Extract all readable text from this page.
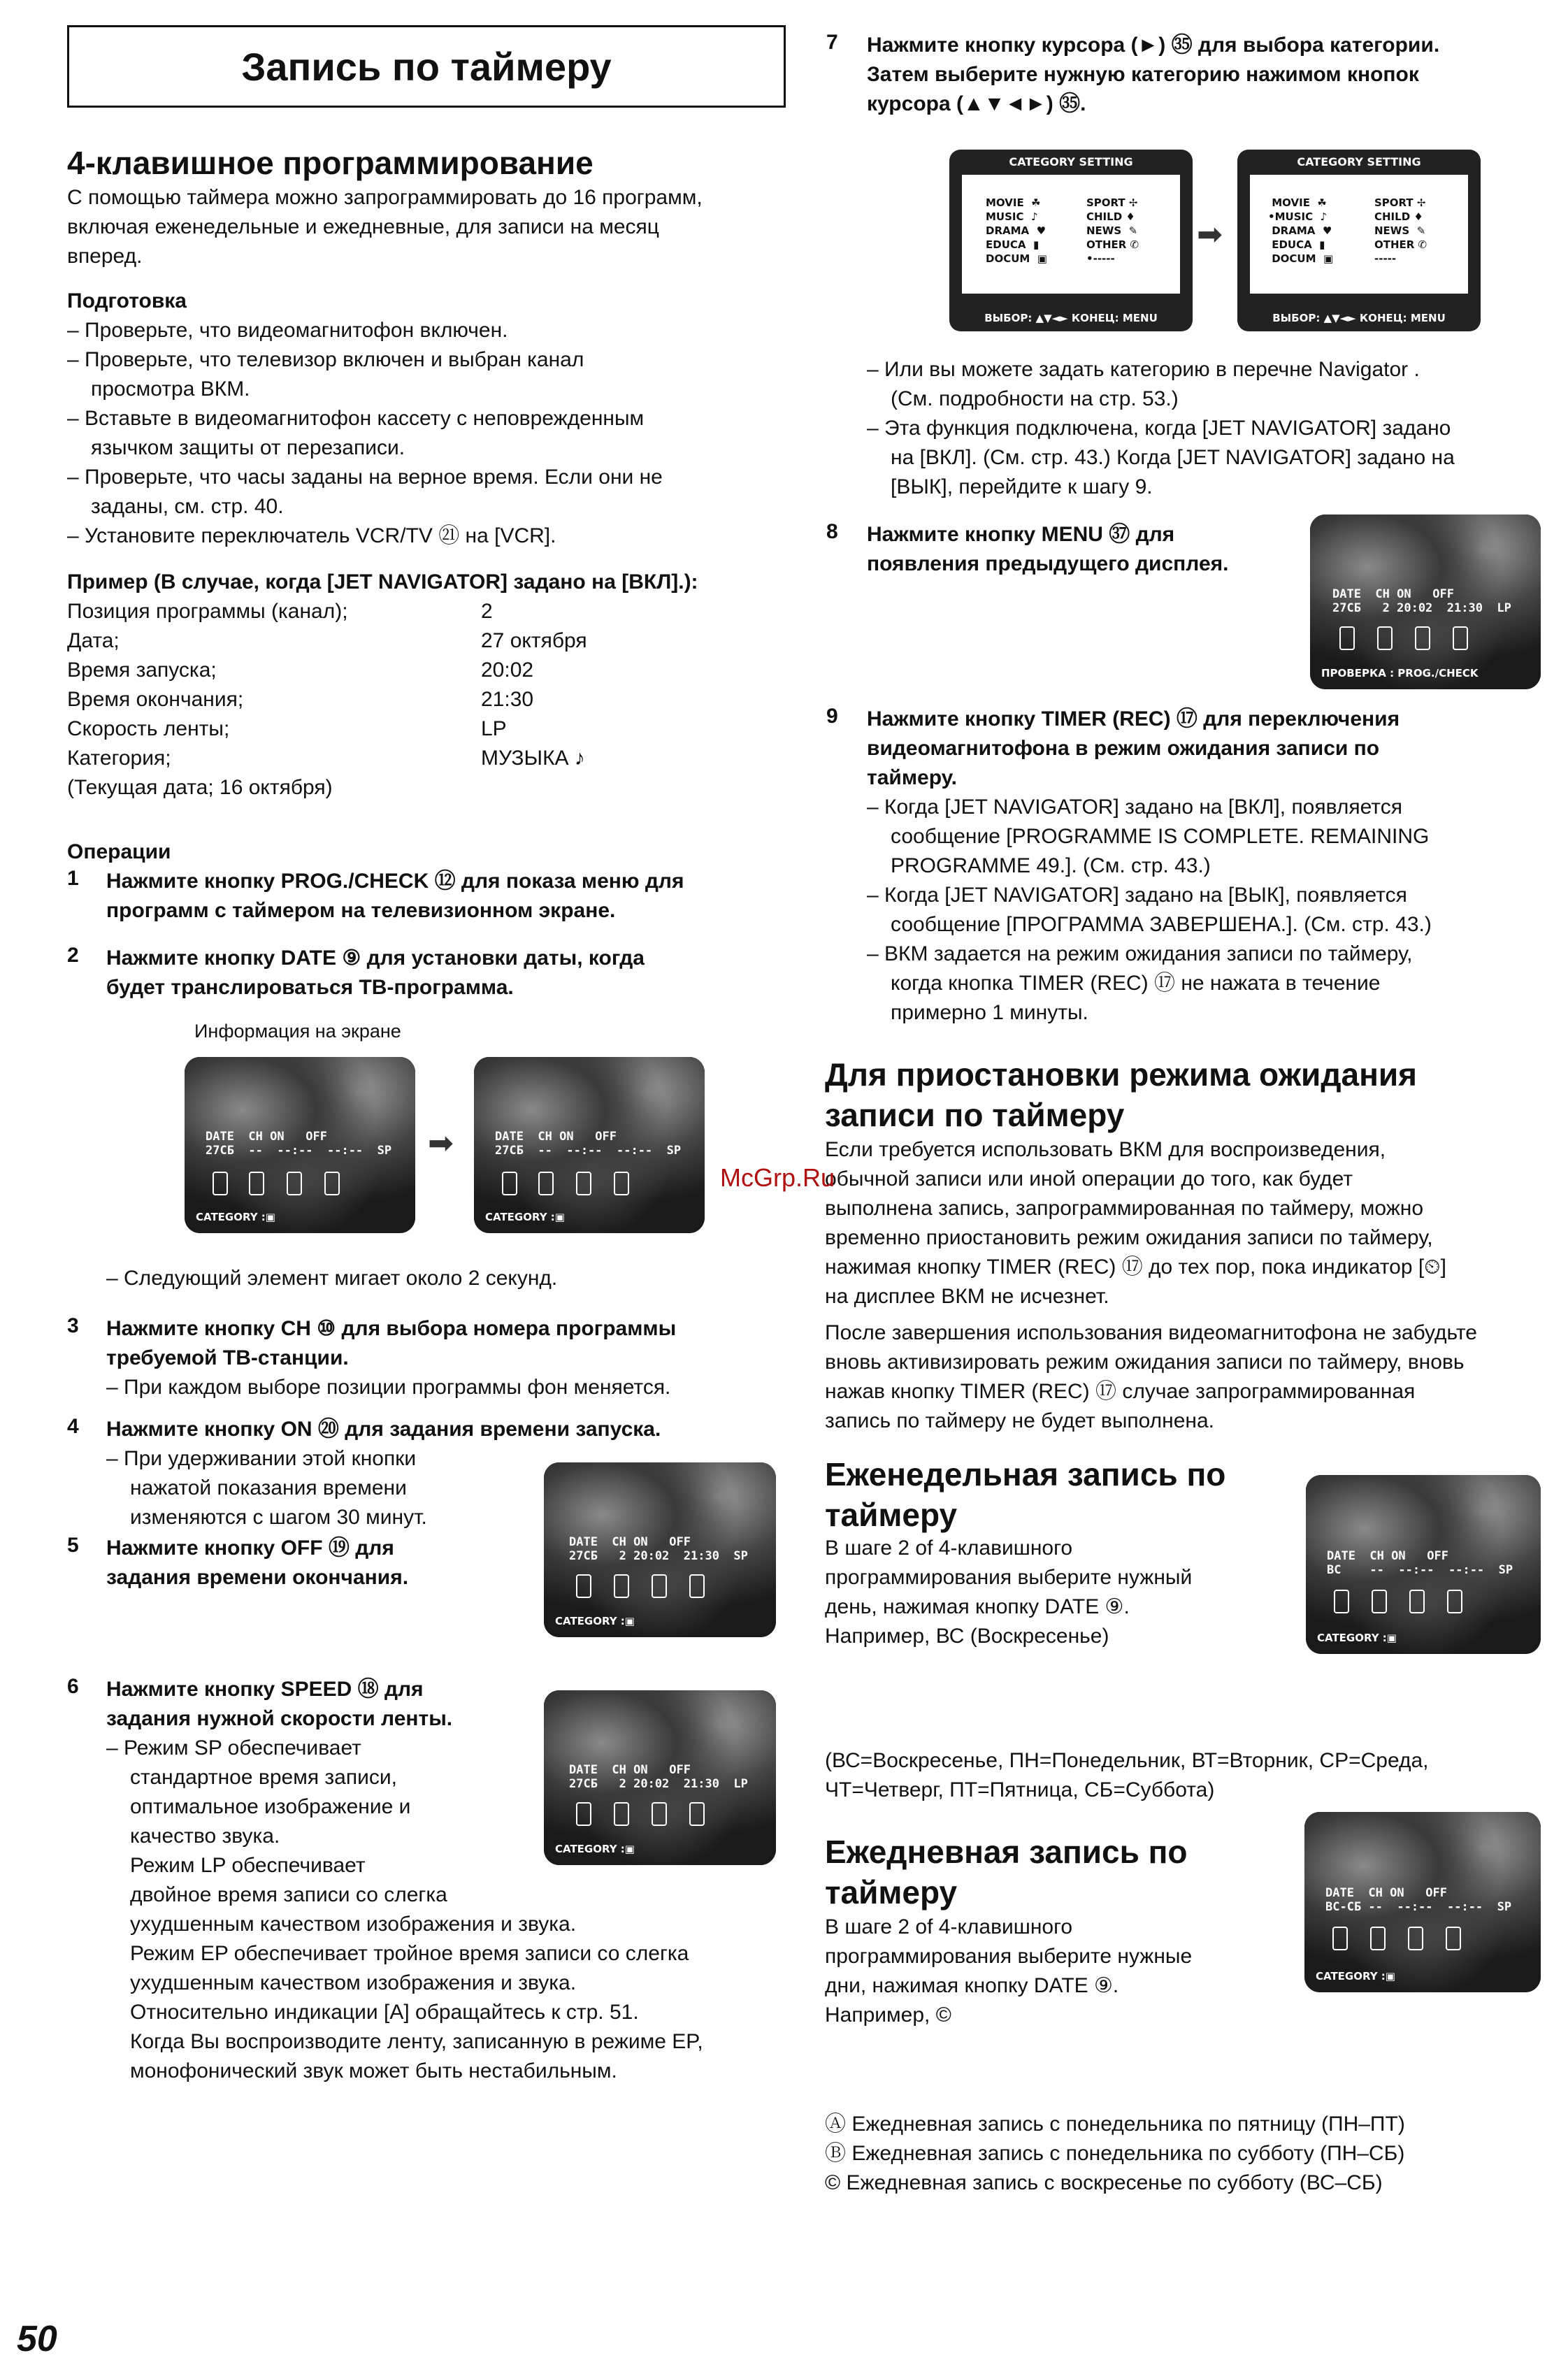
Запись по таймеру
4-клавишное программирование
С помощью таймера можно запрограммировать до 16 программ,
включая еженедельные и ежедневные, для записи на месяц
вперед.
Подготовка
– Проверьте, что видеомагнитофон включен.
– Проверьте, что телевизор включен и выбран канал
просмотра ВКМ.
– Вставьте в видеомагнитофон кассету с неповрежденным
язычком защиты от перезаписи.
– Проверьте, что часы заданы на верное время. Если они не
заданы, см. стр. 40.
– Установите переключатель VCR/TV ㉑ на [VCR].
Пример (В случае, когда [JET NAVIGATOR] задано на [ВКЛ].):
Позиция программы (канал);	2
Дата;	27 октября
Время запуска;	20:02
Время окончания;	21:30
Скорость ленты;	LP
Категория;	МУЗЫКА ♪
(Текущая дата; 16 октября)
Операции
1 Нажмите кнопку PROG./CHECK ⑫ для показа меню для
программ с таймером на телевизионном экране.
2 Нажмите кнопку DATE ⑨ для установки даты, когда
будет транслироваться ТВ-программа.
Информация на экране
DATE  CH ON   OFF
27СБ  --  --:--  --:--  SP
CATEGORY :▣
➡	DATE  CH ON   OFF
27СБ  --  --:--  --:--  SP
CATEGORY :▣
– Следующий элемент мигает около 2 секунд.
3 Нажмите кнопку CH ⑩ для выбора номера программы
требуемой ТВ-станции.
– При каждом выборе позиции программы фон меняется.
4 Нажмите кнопку ON ⑳ для задания времени запуска.
– При удерживании этой кнопки
нажатой показания времени
изменяются с шагом 30 минут.
DATE  CH ON   OFF
27СБ   2 20:02  21:30  SP
CATEGORY :▣
5 Нажмите кнопку OFF ⑲ для
задания времени окончания.
6 Нажмите кнопку SPEED ⑱ для
задания нужной скорости ленты.
DATE  CH ON   OFF
27СБ   2 20:02  21:30  LP
CATEGORY :▣
– Режим SP обеспечивает
стандартное время записи,
оптимальное изображение и
качество звука.
Режим LP обеспечивает
двойное время записи со слегка
ухудшенным качеством изображения и звука.
Режим EP обеспечивает тройное время записи со слегка
ухудшенным качеством изображения и звука.
Относительно индикации [A] обращайтесь к стр. 51.
Когда Вы воспроизводите ленту, записанную в режиме EP,
монофонический звук может быть нестабильным.
7 Нажмите кнопку курсора (►) ㉟ для выбора категории.
Затем выберите нужную категорию нажимом кнопок
курсора (▲▼◄►) ㉟.
CATEGORY SETTING
MOVIE  ☘
MUSIC  ♪
DRAMA  ♥
EDUCA  ▮
DOCUM  ▣
SPORT ✢
CHILD ♦
NEWS  ✎
OTHER ✆
•-----
ВЫБОР: ▲▼◄► КОНЕЦ: MENU
➡
CATEGORY SETTING
MOVIE  ☘
•MUSIC  ♪
DRAMA  ♥
EDUCA  ▮
DOCUM  ▣
SPORT ✢
CHILD ♦
NEWS  ✎
OTHER ✆
-----
ВЫБОР: ▲▼◄► КОНЕЦ: MENU
– Или вы можете задать категорию в перечне Navigator .
(См. подробности на стр. 53.)
– Эта функция подключена, когда [JET NAVIGATOR] задано
на [ВКЛ]. (См. стр. 43.) Когда [JET NAVIGATOR] задано на
[ВЫК], перейдите к шагу 9.
8 Нажмите кнопку MENU ㊲ для
появления предыдущего дисплея.
DATE  CH ON   OFF
27СБ   2 20:02  21:30  LP
ПРОВЕРКА : PROG./CHECK
9 Нажмите кнопку TIMER (REC) ⑰ для переключения
видеомагнитофона в режим ожидания записи по
таймеру.
– Когда [JET NAVIGATOR] задано на [ВКЛ], появляется
сообщение [PROGRAMME IS COMPLETE. REMAINING
PROGRAMME 49.]. (См. стр. 43.)
– Когда [JET NAVIGATOR] задано на [ВЫК], появляется
сообщение [ПРОГРАММА ЗАВЕРШЕНА.]. (См. стр. 43.)
– ВКМ задается на режим ожидания записи по таймеру,
когда кнопка TIMER (REC) ⑰ не нажата в течение
примерно 1 минуты.
Для приостановки режима ожидания
записи по таймеру
Если требуется использовать ВКМ для воспроизведения,
обычной записи или иной операции до того, как будет
выполнена запись, запрограммированная по таймеру, можно
временно приостановить режим ожидания записи по таймеру,
нажимая кнопку TIMER (REC) ⑰ до тех пор, пока индикатор [⏲]
на дисплее ВКМ не исчезнет.
После завершения использования видеомагнитофона не забудьте
вновь активизировать режим ожидания записи по таймеру, вновь
нажав кнопку TIMER (REC) ⑰ случае запрограммированная
запись по таймеру не будет выполнена.
McGrp.Ru
Еженедельная запись по
таймеру
В шаге 2 of 4-клавишного
программирования выберите нужный
день, нажимая кнопку DATE ⑨.
Например, ВС (Воскресенье)
DATE  CH ON   OFF
ВС    --  --:--  --:--  SP
CATEGORY :▣
(ВС=Воскресенье, ПН=Понедельник, ВТ=Вторник, СР=Среда,
ЧТ=Четверг, ПТ=Пятница, СБ=Суббота)
Ежедневная запись по
таймеру
В шаге 2 of 4-клавишного
программирования выберите нужные
дни, нажимая кнопку DATE ⑨.
Например, ©
DATE  CH ON   OFF
ВС-СБ --  --:--  --:--  SP
CATEGORY :▣
Ⓐ Ежедневная запись с понедельника по пятницу (ПН–ПТ)
Ⓑ Ежедневная запись с понедельника по субботу (ПН–СБ)
© Ежедневная запись с воскресенье по субботу (ВС–СБ)
50
